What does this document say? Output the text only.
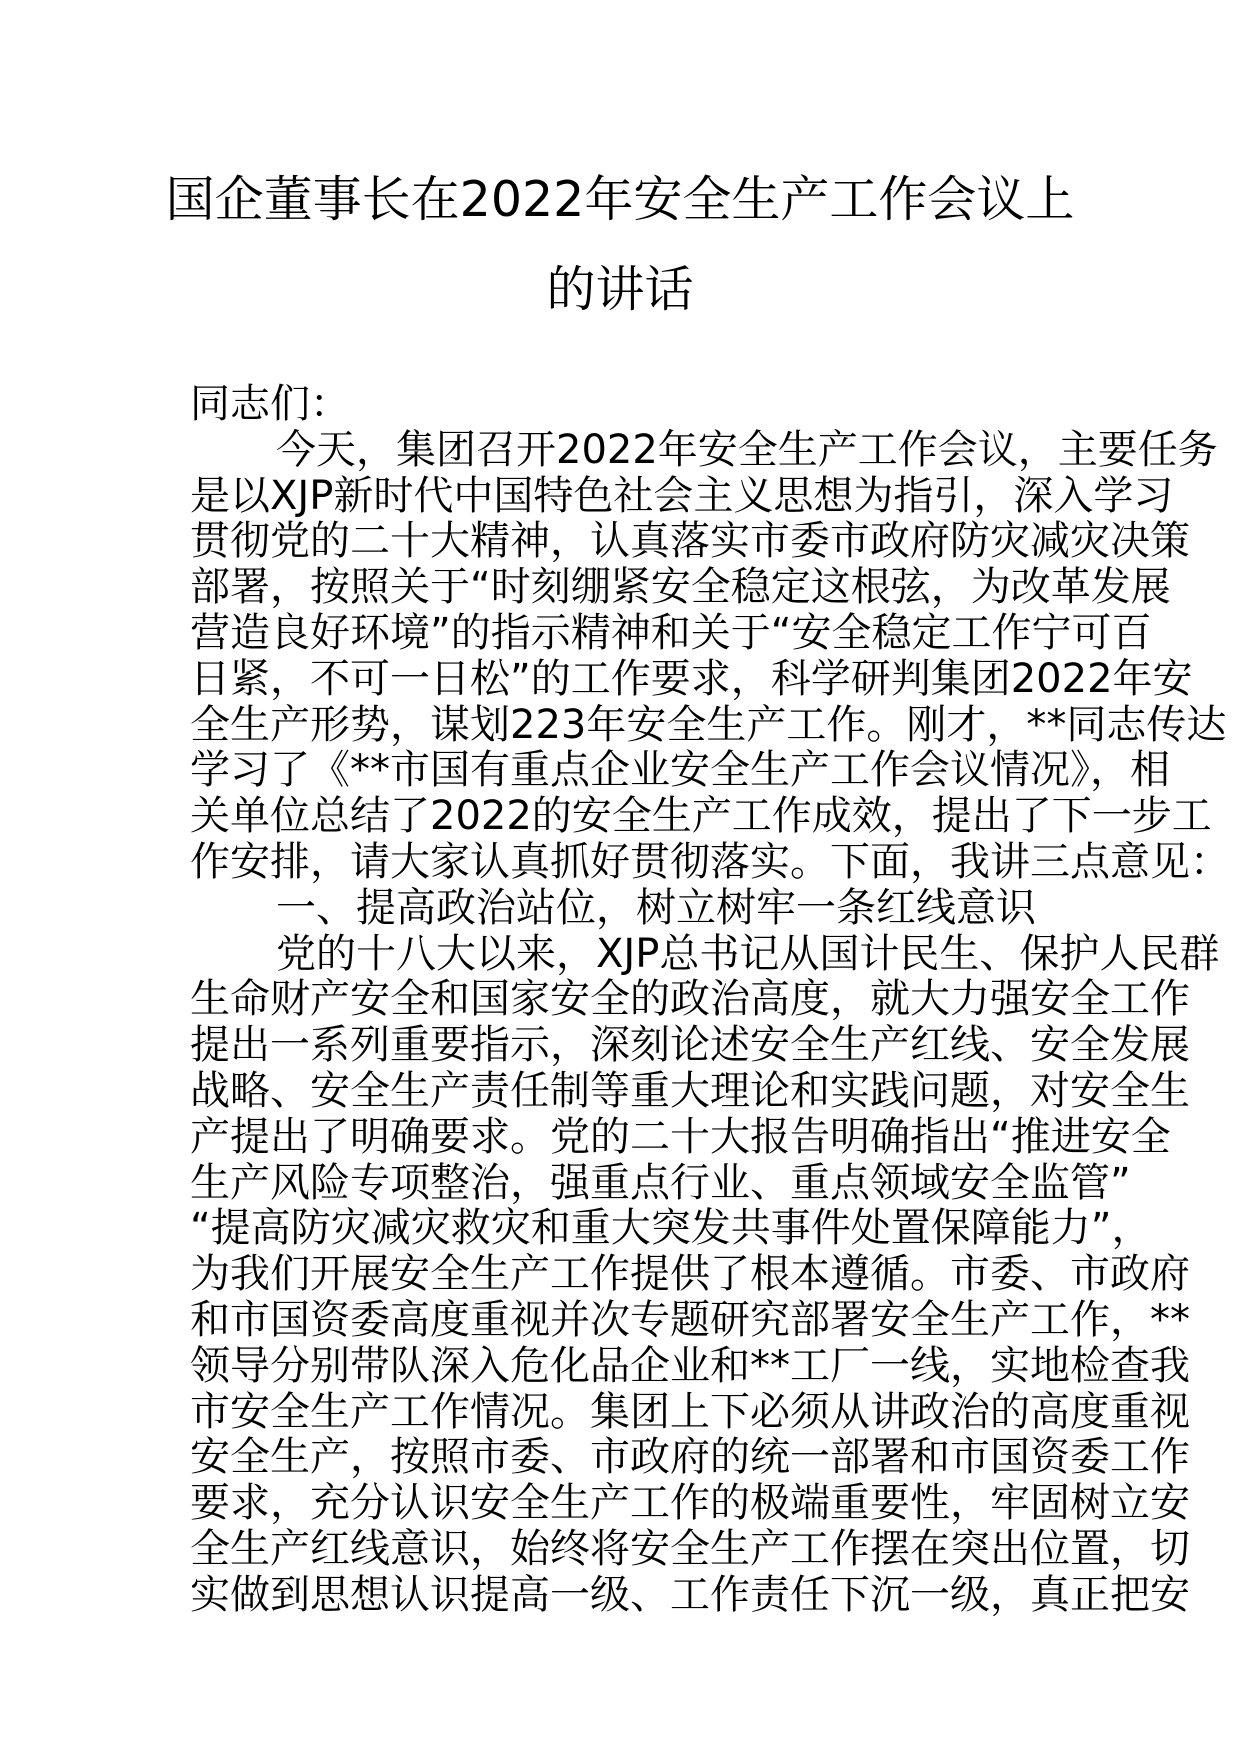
国企董事长在2022年安全生产工作会议上
的讲话
同志们：
今天，集团召开2022年安全生产工作会议，主要任务
是以XJP新时代中国特色社会主义思想为指引，深入学习
贯彻党的二十大精神，认真落实市委市政府防灾减灾决策
部署，按照关于“时刻绷紧安全稳定这根弦，为改革发展
营造良好环境”的指示精神和关于“安全稳定工作宁可百
日紧，不可一日松”的工作要求，科学研判集团2022年安
全生产形势，谋划223年安全生产工作。刚才，**同志传达
学习了《**市国有重点企业安全生产工作会议情况》，相
关单位总结了2022的安全生产工作成效，提出了下一步工
作安排，请大家认真抓好贯彻落实。下面，我讲三点意见：
一、提高政治站位，树立树牢一条红线意识
党的十八大以来，XJP总书记从国计民生、保护人民群
生命财产安全和国家安全的政治高度，就大力强安全工作
提出一系列重要指示，深刻论述安全生产红线、安全发展
战略、安全生产责任制等重大理论和实践问题，对安全生
产提出了明确要求。党的二十大报告明确指出“推进安全
生产风险专项整治，强重点行业、重点领域安全监管”
“提高防灾减灾救灾和重大突发共事件处置保障能力”，
为我们开展安全生产工作提供了根本遵循。市委、市政府
和市国资委高度重视并次专题研究部署安全生产工作，**
领导分别带队深入危化品企业和**工厂一线，实地检查我
市安全生产工作情况。集团上下必须从讲政治的高度重视
安全生产，按照市委、市政府的统一部署和市国资委工作
要求，充分认识安全生产工作的极端重要性，牢固树立安
全生产红线意识，始终将安全生产工作摆在突出位置，切
实做到思想认识提高一级、工作责任下沉一级，真正把安
